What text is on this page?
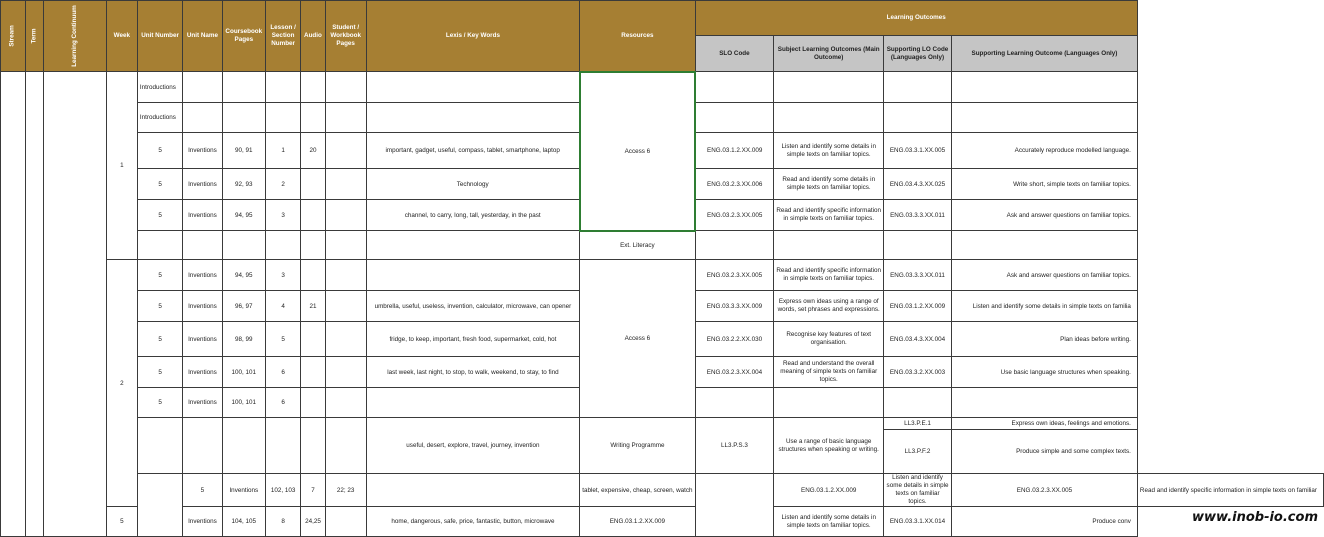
Stream	Term	Learning Continuum	Week	Unit Number	Unit Name	Coursebook Pages	Lesson / Section Number	Audio	Student / Workbook Pages	Lexis / Key Words	Resources	Learning Outcomes				
												SLO Code	Subject Learning Outcomes (Main Outcome)	Supporting LO Code (Languages Only)	Supporting Learning Outcome (Languages Only)	
			1	Introductions							Access 6					
				Introductions												
				5	Inventions	90, 91	1	20		important, gadget, useful, compass, tablet, smartphone, laptop		ENG.03.1.2.XX.009	Listen and identify some details in simple texts on familiar topics.	ENG.03.3.1.XX.005	Accurately reproduce modelled language.	
				5	Inventions	92, 93	2			Technology		ENG.03.2.3.XX.006	Read and identify some details in simple texts on familiar topics.	ENG.03.4.3.XX.025	Write short, simple texts on familiar topics.	
				5	Inventions	94, 95	3			channel, to carry, long, tall, yesterday, in the past		ENG.03.2.3.XX.005	Read and identify specific information in simple texts on familiar topics.	ENG.03.3.3.XX.011	Ask and answer questions on familiar topics.	
											Ext. Literacy					
			2	5	Inventions	94, 95	3				Access 6	ENG.03.2.3.XX.005	Read and identify specific information in simple texts on familiar topics.	ENG.03.3.3.XX.011	Ask and answer questions on familiar topics.	
				5	Inventions	96, 97	4	21		umbrella, useful, useless, invention, calculator, microwave, can opener		ENG.03.3.3.XX.009	Express own ideas using a range of words, set phrases and expressions.	ENG.03.1.2.XX.009	Listen and identify some details in simple texts on familia	
				5	Inventions	98, 99	5			fridge, to keep, important, fresh food, supermarket, cold, hot		ENG.03.2.2.XX.030	Recognise key features of text organisation.	ENG.03.4.3.XX.004	Plan ideas before writing.	
				5	Inventions	100, 101	6			last week, last night, to stop, to walk, weekend, to stay, to find		ENG.03.2.3.XX.004	Read and understand the overall meaning of simple texts on familiar topics.	ENG.03.3.2.XX.003	Use basic language structures when speaking.	
				5	Inventions	100, 101	6									
										useful, desert, explore, travel, journey, invention	Writing Programme	LL3.P.S.3	Use a range of basic language structures when speaking or writing.	LL3.P.E.1	Express own ideas, feelings and emotions.	
														LL3.P.F.2	Produce simple and some complex texts.	
					5	Inventions	102, 103	7	22; 23		tablet, expensive, cheap, screen, watch		ENG.03.1.2.XX.009	Listen and identify some details in simple texts on familiar topics.	ENG.03.2.3.XX.005	Read and identify specific information in simple texts on familiar
			5		Inventions	104, 105	8	24,25		home, dangerous, safe, price, fantastic, button, microwave	ENG.03.1.2.XX.009		Listen and identify some details in simple texts on familiar topics.	ENG.03.3.1.XX.014	Produce conv		www.inob-io.com
